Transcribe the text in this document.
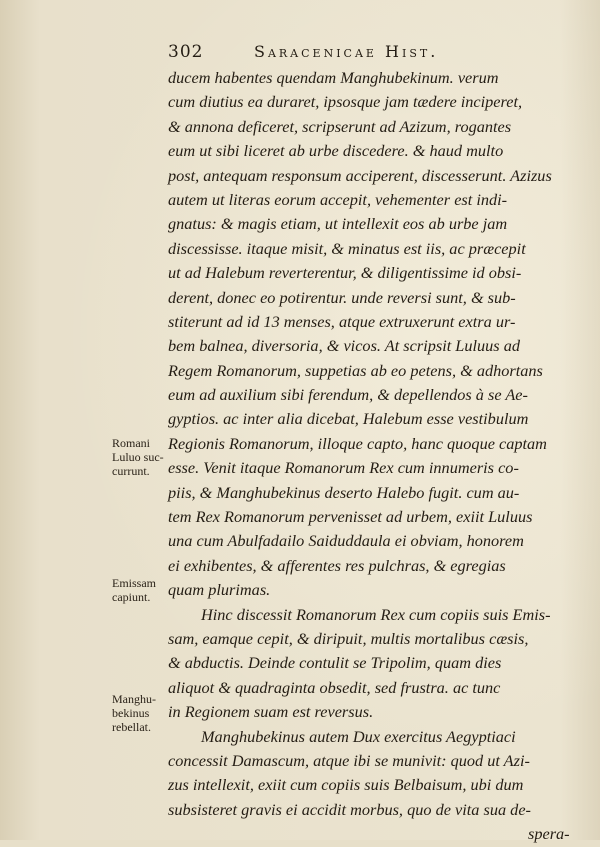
302	Saracenicae Hist.
ducem habentes quendam Manghubekinum. verum
cum diutius ea duraret, ipsosque jam tædere inciperet,
& annona deficeret, scripserunt ad Azizum, rogantes
eum ut sibi liceret ab urbe discedere. & haud multo
post, antequam responsum acciperent, discesserunt. Azizus
autem ut literas eorum accepit, vehementer est indi-
gnatus: & magis etiam, ut intellexit eos ab urbe jam
discessisse. itaque misit, & minatus est iis, ac præcepit
ut ad Halebum reverterentur, & diligentissime id obsi-
derent, donec eo potirentur. unde reversi sunt, & sub-
stiterunt ad id 13 menses, atque extruxerunt extra ur-
bem balnea, diversoria, & vicos. At scripsit Luluus ad
Regem Romanorum, suppetias ab eo petens, & adhortans
eum ad auxilium sibi ferendum, & depellendos à se Ae-
gyptios. ac inter alia dicebat, Halebum esse vestibulum
Regionis Romanorum, illoque capto, hanc quoque captam
esse. Venit itaque Romanorum Rex cum innumeris co-
piis, & Manghubekinus deserto Halebo fugit. cum au-
tem Rex Romanorum pervenisset ad urbem, exiit Luluus
una cum Abulfadailo Saiduddaula ei obviam, honorem
ei exhibentes, & afferentes res pulchras, & egregias
quam plurimas.
Hinc discessit Romanorum Rex cum copiis suis Emis-
sam, eamque cepit, & diripuit, multis mortalibus cæsis,
& abductis. Deinde contulit se Tripolim, quam dies
aliquot & quadraginta obsedit, sed frustra. ac tunc
in Regionem suam est reversus.
Manghubekinus autem Dux exercitus Aegyptiaci
concessit Damascum, atque ibi se munivit: quod ut Azi-
zus intellexit, exiit cum copiis suis Belbaisum, ubi dum
subsisteret gravis ei accidit morbus, quo de vita sua de-
spera-
Romani
Luluo suc-
currunt.
Emissam
capiunt.
Manghu-
bekinus
rebellat.
